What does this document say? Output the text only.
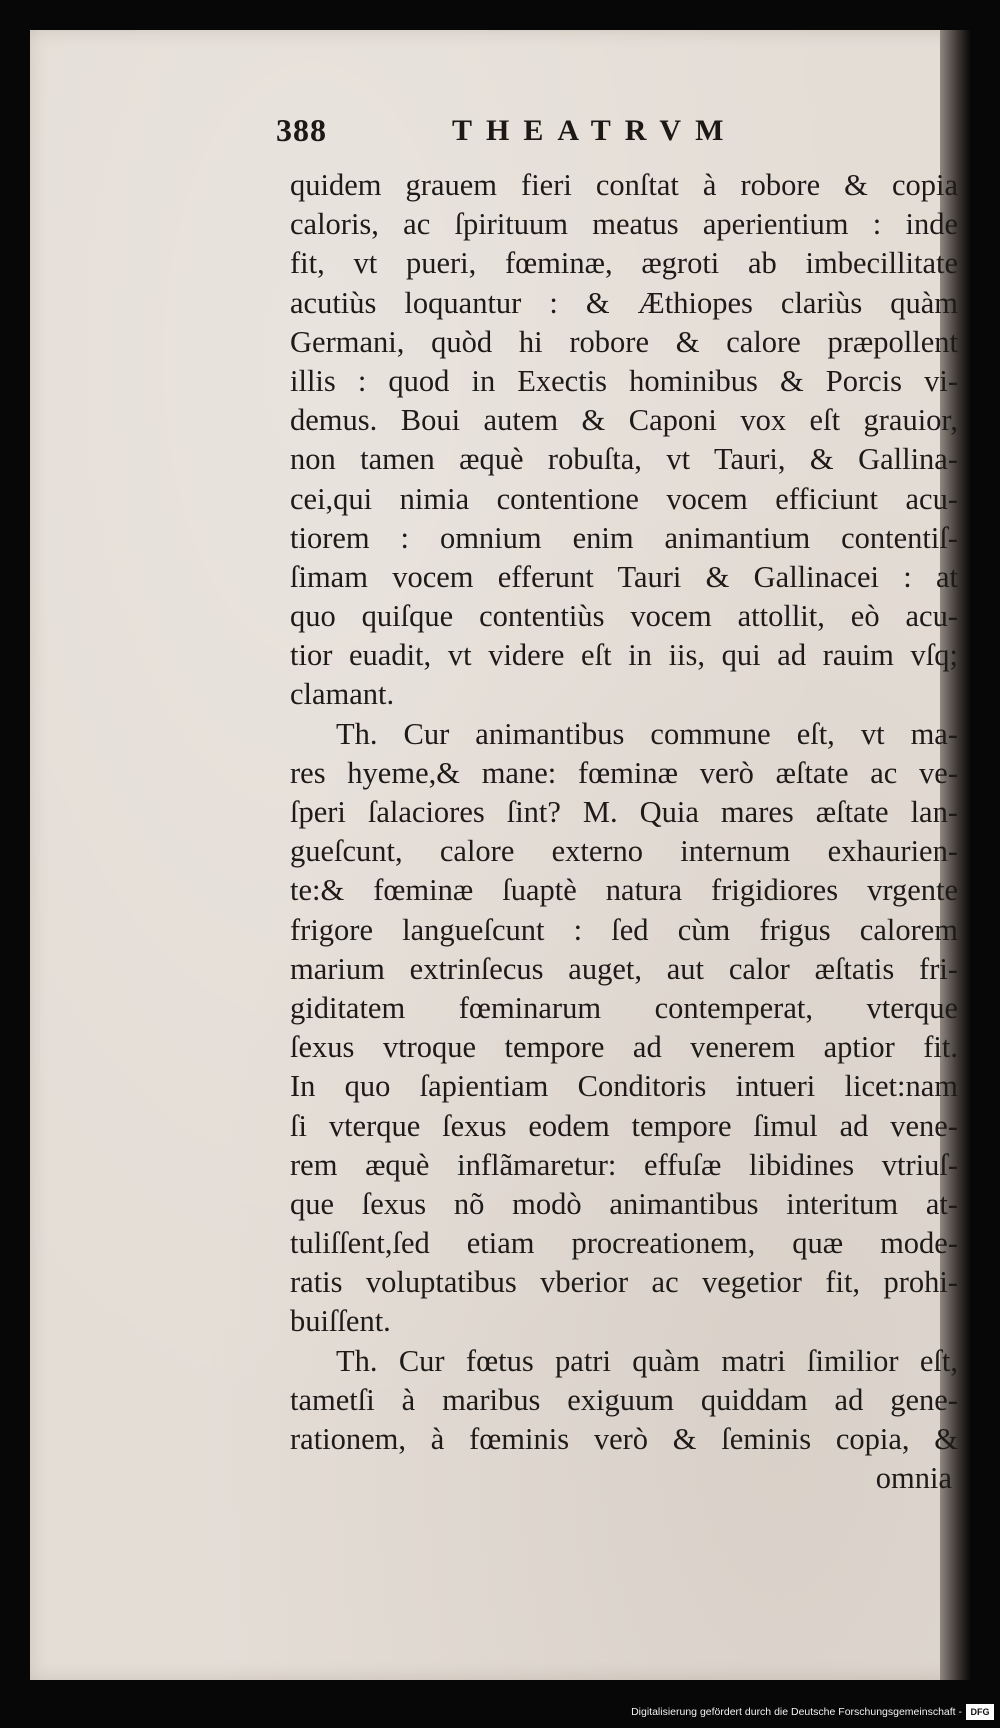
388	THEATRVM
quidem grauem fieri conſtat à robore & copia
caloris, ac ſpirituum meatus aperientium : inde
fit, vt pueri, fœminæ, ægroti ab imbecillitate
acutiùs loquantur : & Æthiopes clariùs quàm
Germani, quòd hi robore & calore præpollent
illis : quod in Exectis hominibus & Porcis vi-
demus. Boui autem & Caponi vox eſt grauior,
non tamen æquè robuſta, vt Tauri, & Gallina-
cei,qui nimia contentione vocem efficiunt acu-
tiorem : omnium enim animantium contentiſ-
ſimam vocem efferunt Tauri & Gallinacei : at
quo quiſque contentiùs vocem attollit, eò acu-
tior euadit, vt videre eſt in iis, qui ad rauim vſq;
clamant.
Th. Cur animantibus commune eſt, vt ma-
res hyeme,& mane: fœminæ verò æſtate ac ve-
ſperi ſalaciores ſint? M. Quia mares æſtate lan-
gueſcunt, calore externo internum exhaurien-
te:& fœminæ ſuaptè natura frigidiores vrgente
frigore langueſcunt : ſed cùm frigus calorem
marium extrinſecus auget, aut calor æſtatis fri-
giditatem fœminarum contemperat, vterque
ſexus vtroque tempore ad venerem aptior fit.
In quo ſapientiam Conditoris intueri licet:nam
ſi vterque ſexus eodem tempore ſimul ad vene-
rem æquè inflãmaretur: effuſæ libidines vtriuſ-
que ſexus nõ modò animantibus interitum at-
tuliſſent,ſed etiam procreationem, quæ mode-
ratis voluptatibus vberior ac vegetior fit, prohi-
buiſſent.
Th. Cur fœtus patri quàm matri ſimilior eſt,
tametſi à maribus exiguum quiddam ad gene-
rationem, à fœminis verò & ſeminis copia, &
omnia
Digitalisierung gefördert durch die Deutsche Forschungsgemeinschaft - DFG
